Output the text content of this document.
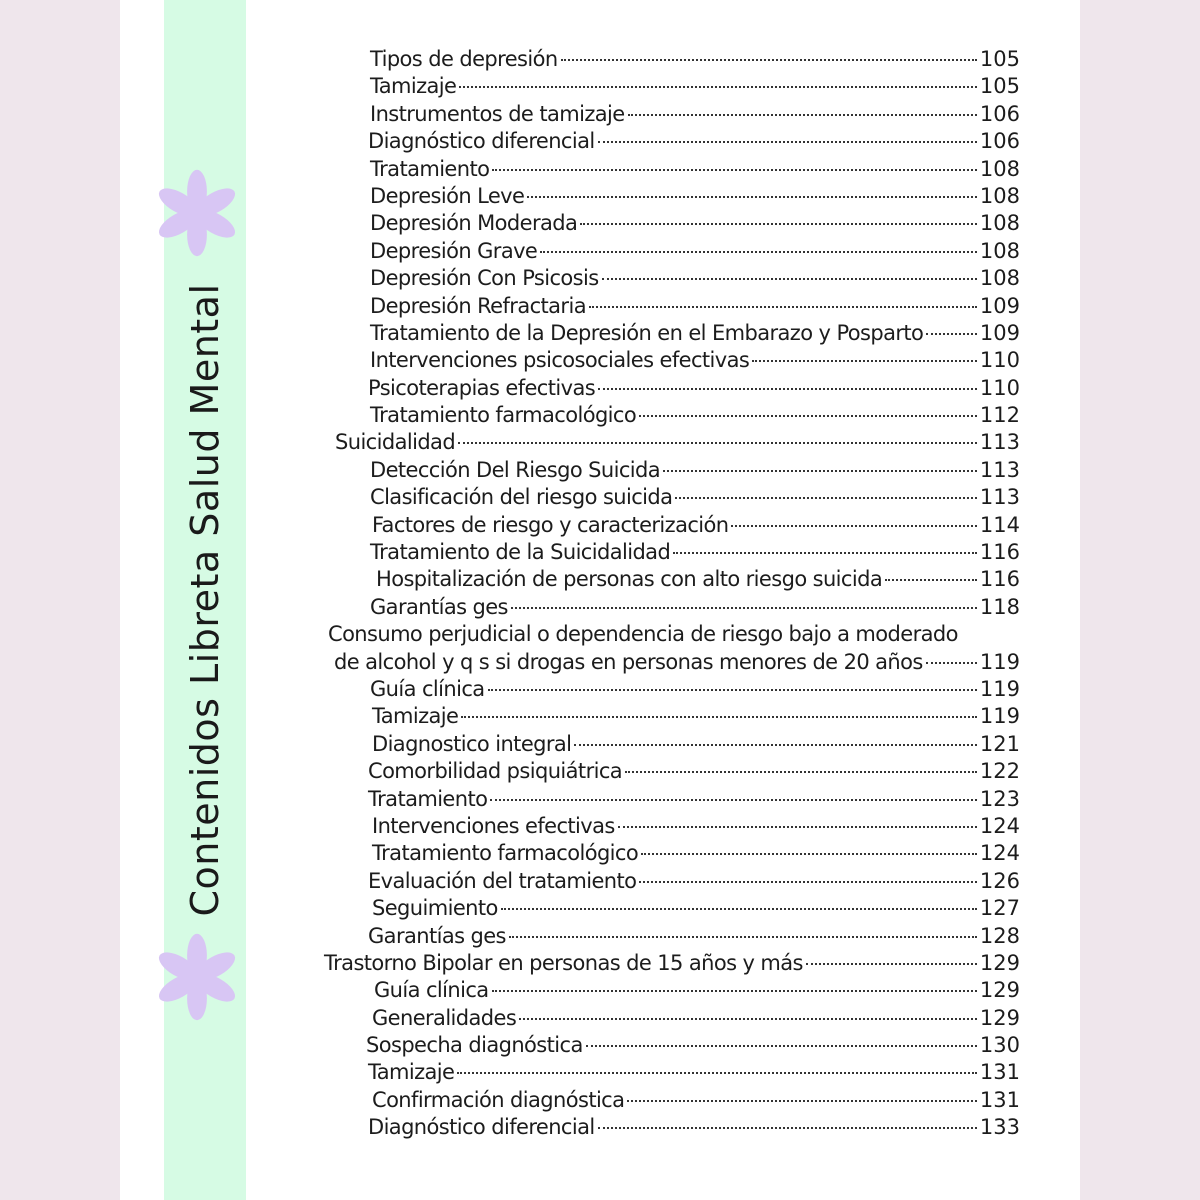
Contenidos Libreta Salud Mental
Tipos de depresión	105
Tamizaje	105
Instrumentos de tamizaje	106
Diagnóstico diferencial	106
Tratamiento	108
Depresión Leve	108
Depresión Moderada	108
Depresión Grave	108
Depresión Con Psicosis	108
Depresión Refractaria	109
Tratamiento de la Depresión en el Embarazo y Posparto	109
Intervenciones psicosociales efectivas	110
Psicoterapias efectivas	110
Tratamiento farmacológico	112
Suicidalidad	113
Detección Del Riesgo Suicida	113
Clasificación del riesgo suicida	113
Factores de riesgo y caracterización	114
Tratamiento de la Suicidalidad	116
Hospitalización de personas con alto riesgo suicida	116
Garantías ges	118
Consumo perjudicial o dependencia de riesgo bajo a moderado
de alcohol y q s si drogas en personas menores de 20 años	119
Guía clínica	119
Tamizaje	119
Diagnostico integral	121
Comorbilidad psiquiátrica	122
Tratamiento	123
Intervenciones efectivas	124
Tratamiento farmacológico	124
Evaluación del tratamiento	126
Seguimiento	127
Garantías ges	128
Trastorno Bipolar en personas de 15 años y más	129
Guía clínica	129
Generalidades	129
Sospecha diagnóstica	130
Tamizaje	131
Confirmación diagnóstica	131
Diagnóstico diferencial	133
